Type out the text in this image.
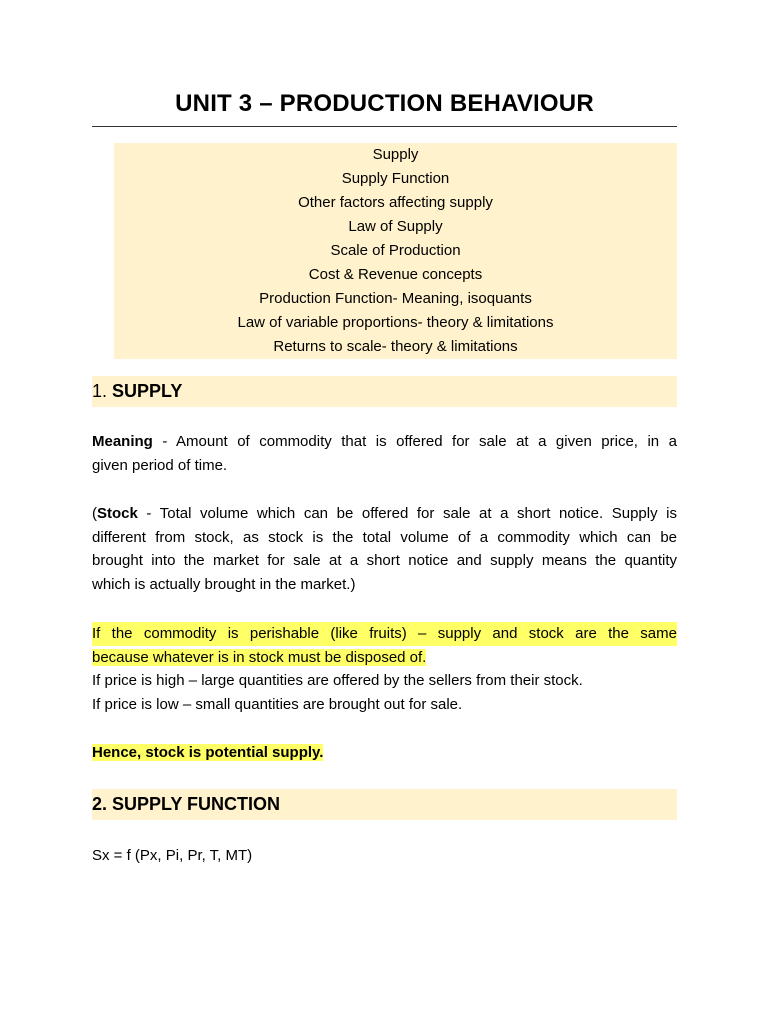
UNIT 3 – PRODUCTION BEHAVIOUR
Supply
Supply Function
Other factors affecting supply
Law of Supply
Scale of Production
Cost & Revenue concepts
Production Function- Meaning, isoquants
Law of variable proportions- theory & limitations
Returns to scale- theory & limitations
1. SUPPLY

Meaning - Amount of commodity that is offered for sale at a given price, in a
given period of time.

(Stock - Total volume which can be offered for sale at a short notice. Supply is
different from stock, as stock is the total volume of a commodity which can be
brought into the market for sale at a short notice and supply means the quantity
which is actually brought in the market.)

If the commodity is perishable (like fruits) – supply and stock are the same
because whatever is in stock must be disposed of.
If price is high – large quantities are offered by the sellers from their stock.
If price is low – small quantities are brought out for sale.

Hence, stock is potential supply.

2. SUPPLY FUNCTION

Sx = f (Px, Pi, Pr, T, MT)
